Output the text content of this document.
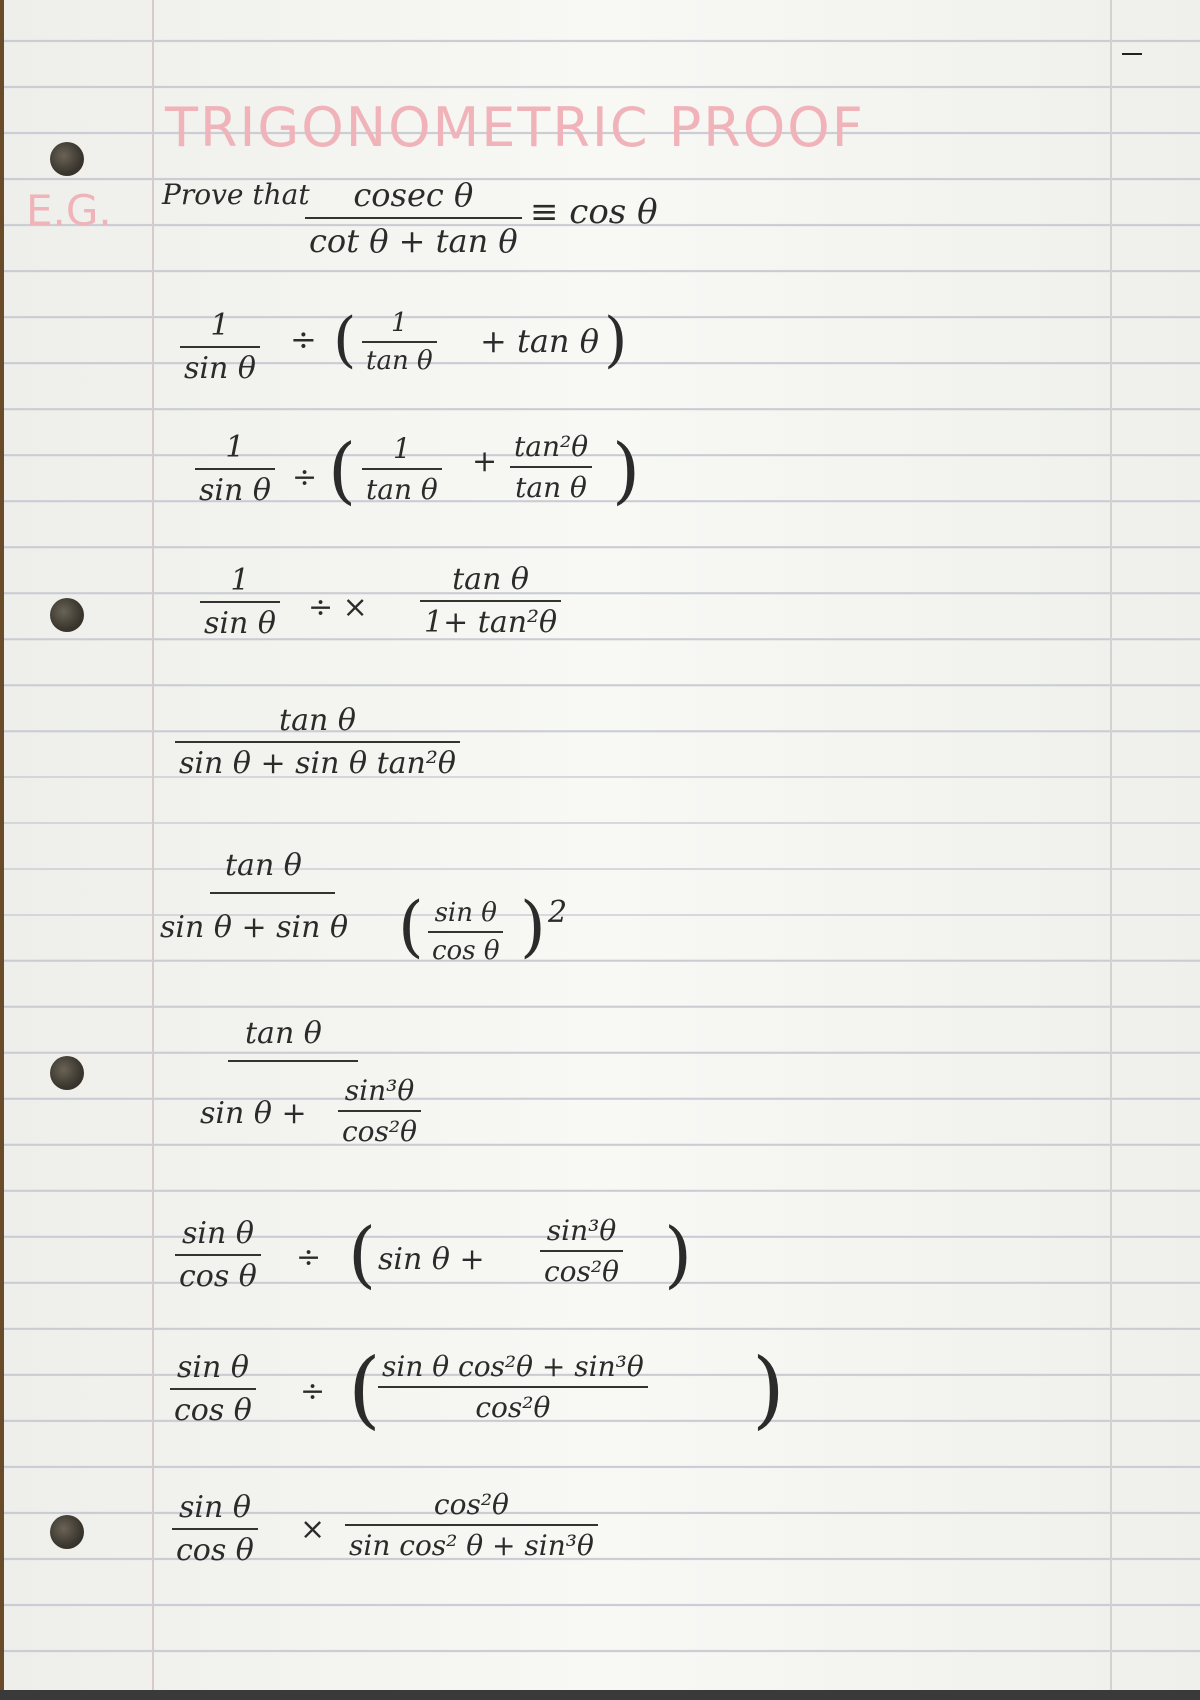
TRIGONOMETRIC PROOF
E.G. Prove that
$\frac{\text{cosec θ}}{\text{cot θ + tan θ}} \equiv \cos \theta$
$\frac{1}{\text{sin θ}}$ ÷ ( $\frac{1}{\text{tan θ}} + \tan \theta$ )
$\frac{1}{\text{sin θ}}$ ÷ ( $\frac{1}{\text{tan θ}} + \frac{\text{tan²θ}}{\text{tan θ}}$ )
$\frac{1}{\text{sin θ}}$ ÷ × $\frac{\text{tan θ}}{\text{1+ tan²θ}}$
$\frac{\text{tan θ}}{\text{sin θ + sin θ tan²θ}}$
tan θ
sin θ + sin θ ( $\frac{\text{sin θ}}{\text{cos θ}}$ ) 2
tan θ
$\sin \theta + \frac{\text{sin³θ}}{\text{cos²θ}}$
$\frac{\text{sin θ}}{\text{cos θ}}$ ÷ ( $\sin \theta + \frac{\text{sin³θ}}{\text{cos²θ}}$ )
$\frac{\text{sin θ}}{\text{cos θ}}$ ÷ (
$\frac{\text{sin θ cos²θ + sin³θ}}{\text{cos²θ}}$ )
$\frac{\text{sin θ}}{\text{cos θ}} \times \frac{\text{cos²θ}}{\text{sin cos² θ + sin³θ}}$
